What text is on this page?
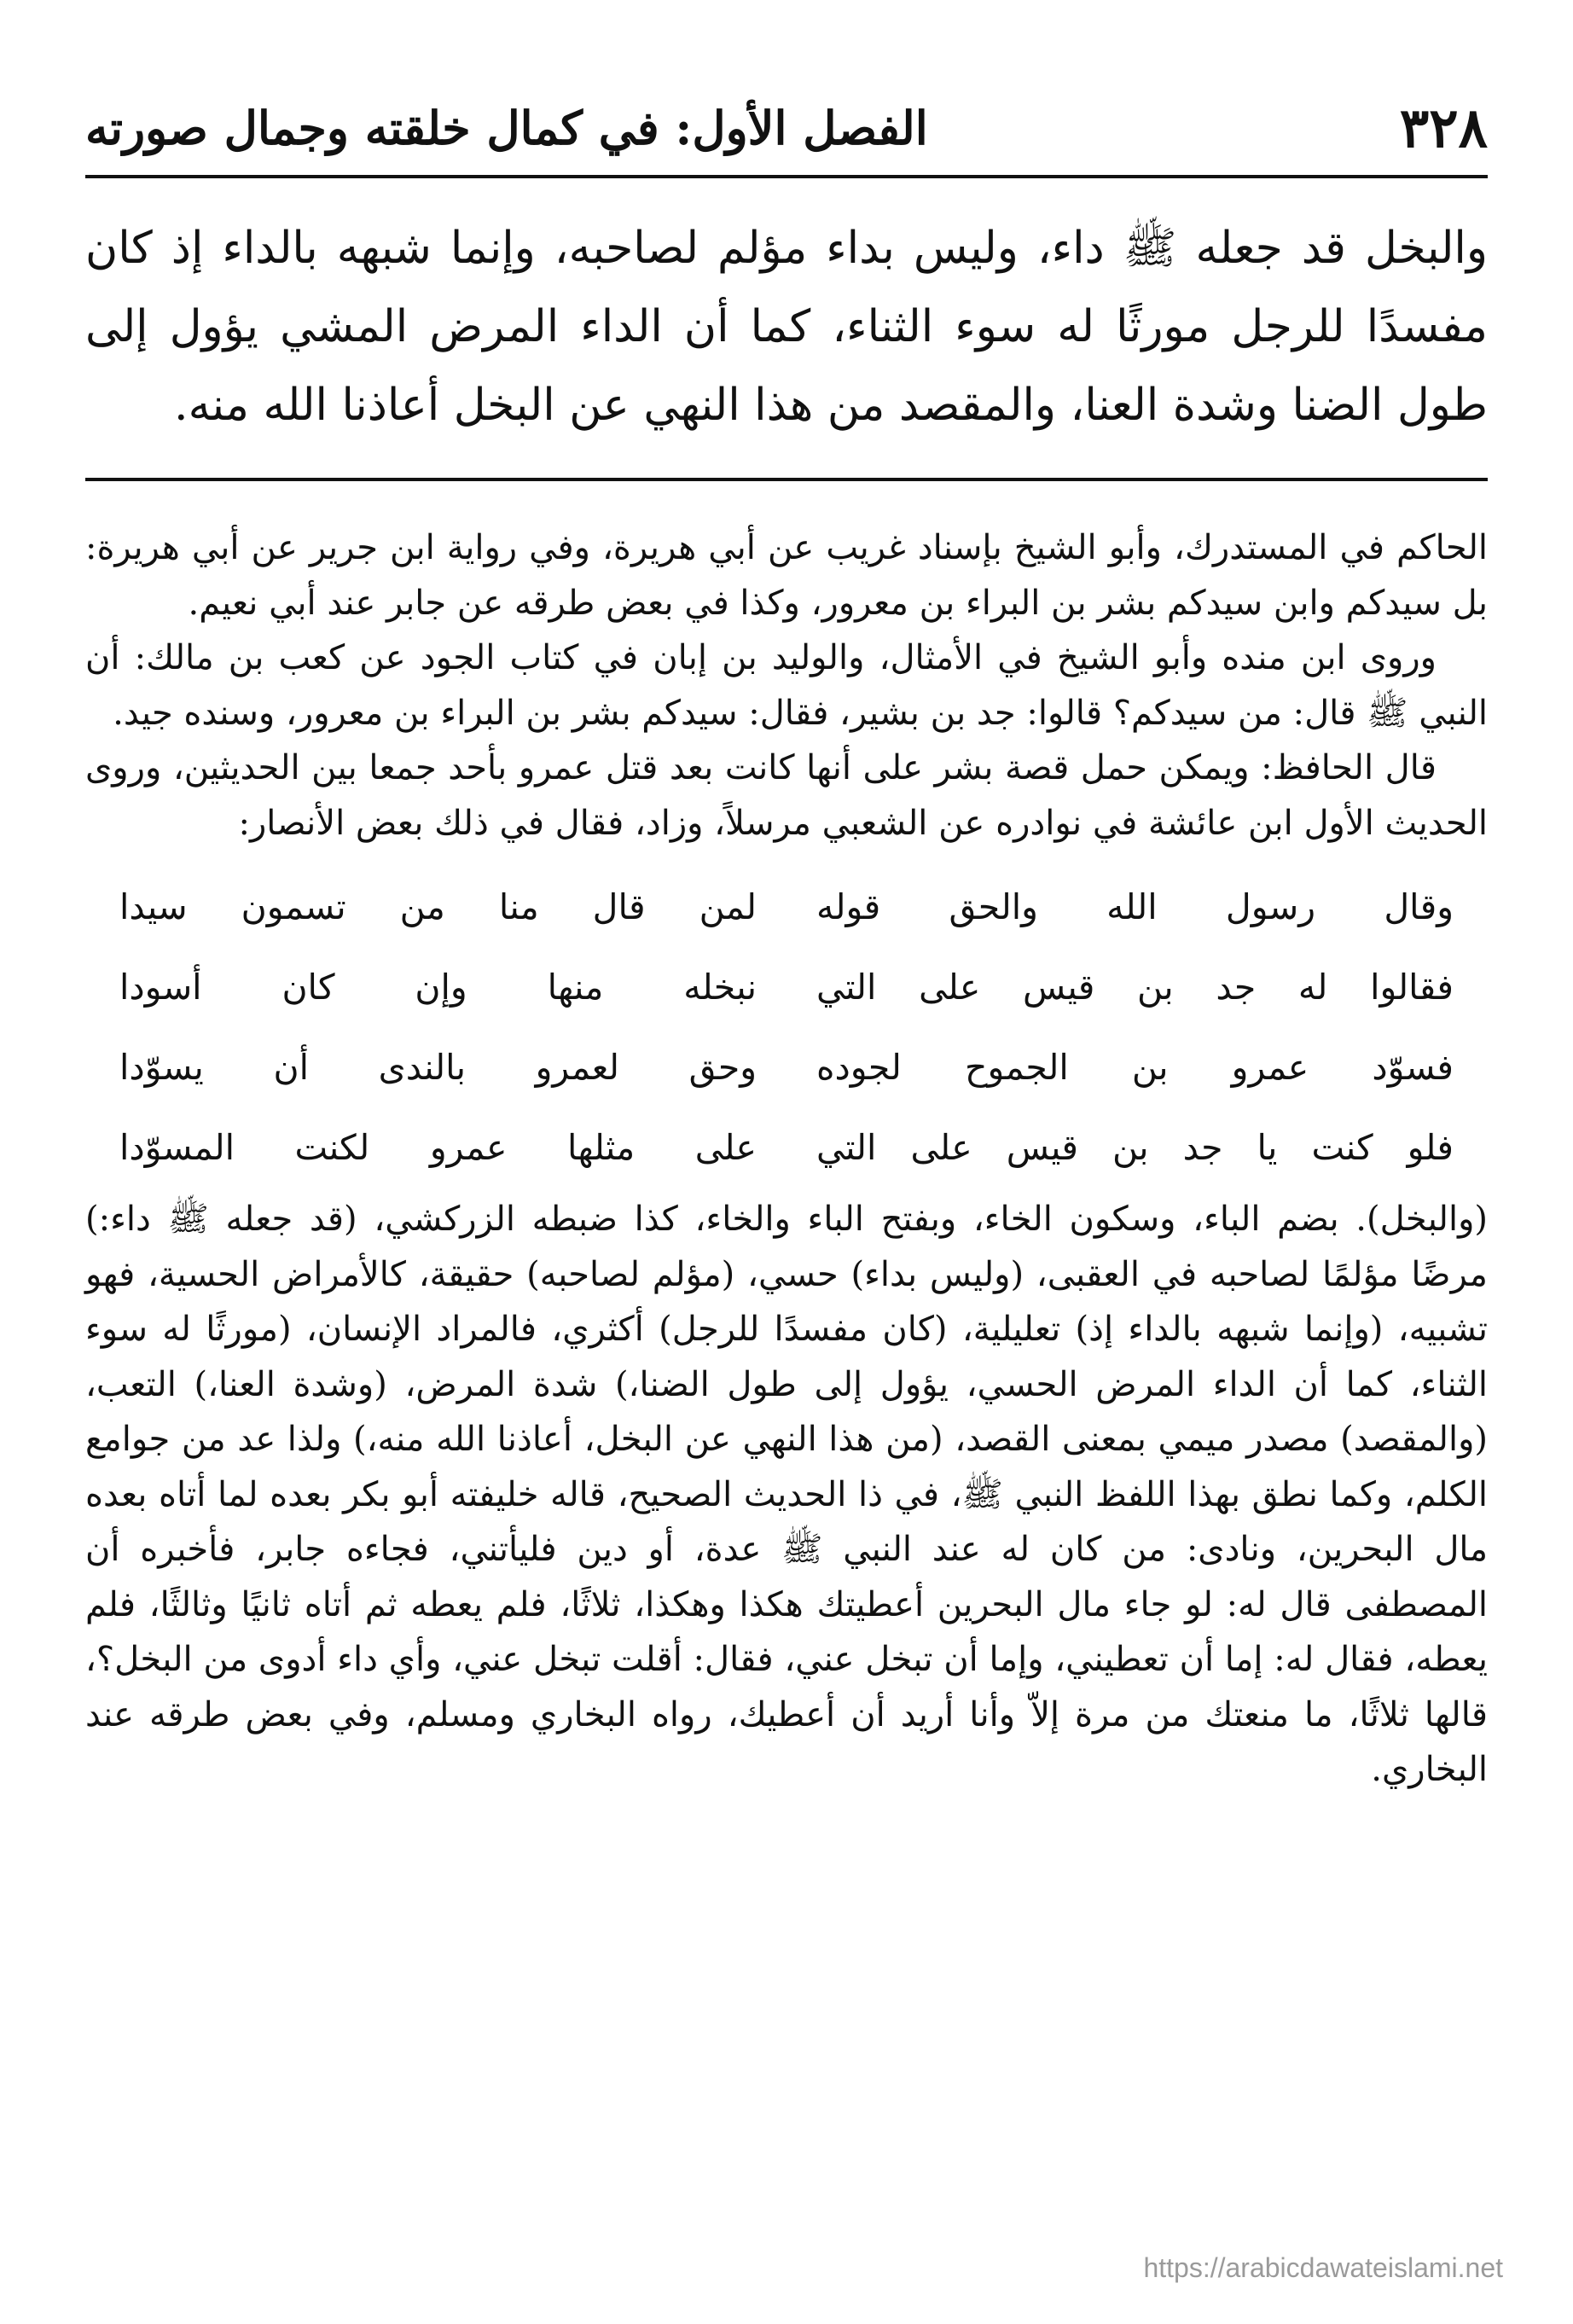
٣٢٨
الفصل الأول: في كمال خلقته وجمال صورته

والبخل قد جعله ﷺ داء، وليس بداء مؤلم لصاحبه، وإنما شبهه بالداء إذ كان مفسدًا للرجل مورثًا له سوء الثناء، كما أن الداء المرض المشي يؤول إلى طول الضنا وشدة العنا، والمقصد من هذا النهي عن البخل أعاذنا الله منه.

الحاكم في المستدرك، وأبو الشيخ بإسناد غريب عن أبي هريرة، وفي رواية ابن جرير عن أبي هريرة: بل سيدكم وابن سيدكم بشر بن البراء بن معرور، وكذا في بعض طرقه عن جابر عند أبي نعيم.

وروى ابن منده وأبو الشيخ في الأمثال، والوليد بن إبان في كتاب الجود عن كعب بن مالك: أن النبي ﷺ قال: من سيدكم؟ قالوا: جد بن بشير، فقال: سيدكم بشر بن البراء بن معرور، وسنده جيد.

قال الحافظ: ويمكن حمل قصة بشر على أنها كانت بعد قتل عمرو بأحد جمعا بين الحديثين، وروى الحديث الأول ابن عائشة في نوادره عن الشعبي مرسلاً، وزاد، فقال في ذلك بعض الأنصار:

وقال رسول الله والحق قوله
لمن قال منا من تسمون سيدا
فقالوا له جد بن قيس على التي
نبخله منها وإن كان أسودا
فسوّد عمرو بن الجموح لجوده
وحق لعمرو بالندى أن يسوّدا
فلو كنت يا جد بن قيس على التي
على مثلها عمرو لكنت المسوّدا

(والبخل). بضم الباء، وسكون الخاء، وبفتح الباء والخاء، كذا ضبطه الزركشي، (قد جعله ﷺ داء:) مرضًا مؤلمًا لصاحبه في العقبى، (وليس بداء) حسي، (مؤلم لصاحبه) حقيقة، كالأمراض الحسية، فهو تشبيه، (وإنما شبهه بالداء إذ) تعليلية، (كان مفسدًا للرجل) أكثري، فالمراد الإنسان، (مورثًا له سوء الثناء، كما أن الداء المرض الحسي، يؤول إلى طول الضنا،) شدة المرض، (وشدة العنا،) التعب، (والمقصد) مصدر ميمي بمعنى القصد، (من هذا النهي عن البخل، أعاذنا الله منه،) ولذا عد من جوامع الكلم، وكما نطق بهذا اللفظ النبي ﷺ، في ذا الحديث الصحيح، قاله خليفته أبو بكر بعده لما أتاه بعده مال البحرين، ونادى: من كان له عند النبي ﷺ عدة، أو دين فليأتني، فجاءه جابر، فأخبره أن المصطفى قال له: لو جاء مال البحرين أعطيتك هكذا وهكذا، ثلاثًا، فلم يعطه ثم أتاه ثانيًا وثالثًا، فلم يعطه، فقال له: إما أن تعطيني، وإما أن تبخل عني، فقال: أقلت تبخل عني، وأي داء أدوى من البخل؟، قالها ثلاثًا، ما منعتك من مرة إلاّ وأنا أريد أن أعطيك، رواه البخاري ومسلم، وفي بعض طرقه عند البخاري.

https://arabicdawateislami.net
